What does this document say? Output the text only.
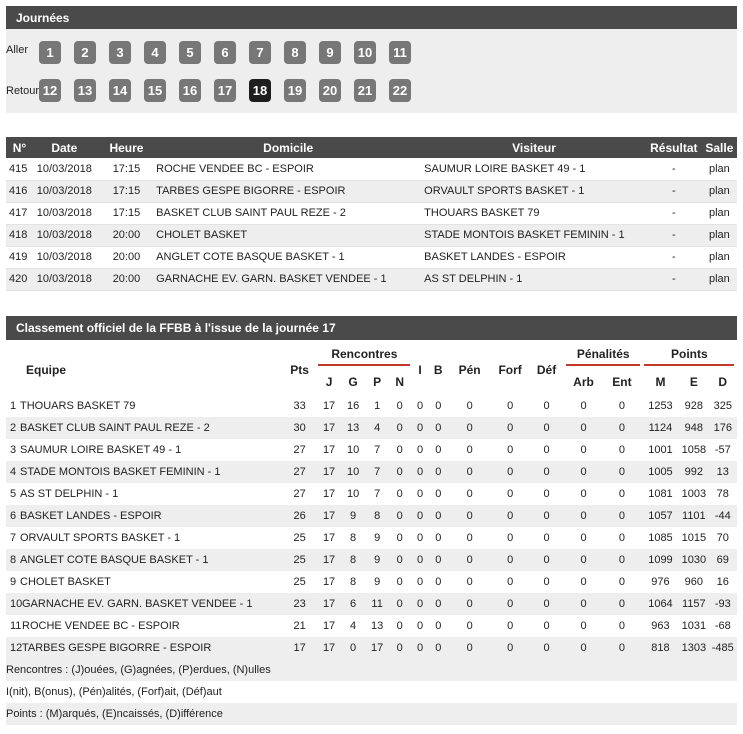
Journées
Aller
Retour
1	2	3	4	5	6	7	8	9	10	11
12 13 14 15 16 17 18 19 20 21 22
N°	Date	Heure	Domicile	Visiteur	Résultat	Salle
415	10/03/2018	17:15	ROCHE VENDEE BC - ESPOIR	SAUMUR LOIRE BASKET 49 - 1	-	plan
416	10/03/2018	17:15	TARBES GESPE BIGORRE - ESPOIR	ORVAULT SPORTS BASKET - 1	-	plan
417	10/03/2018	17:15	BASKET CLUB SAINT PAUL REZE - 2	THOUARS BASKET 79	-	plan
418	10/03/2018	20:00	CHOLET BASKET	STADE MONTOIS BASKET FEMININ - 1	-	plan
419	10/03/2018	20:00	ANGLET COTE BASQUE BASKET - 1	BASKET LANDES - ESPOIR	-	plan
420	10/03/2018	20:00	GARNACHE EV. GARN. BASKET VENDEE - 1	AS ST DELPHIN - 1	-	plan
Classement officiel de la FFBB à l'issue de la journée 17
Equipe	Pts	Rencontres				I	B	Pén	Forf	Déf	Pénalités		Points		

		J	G	P	N						Arb	Ent	M	E	D
1 THOUARS BASKET 79	33	17	16	1	0	0	0	0	0	0	0	0	1253	928	325
2 BASKET CLUB SAINT PAUL REZE - 2	30	17	13	4	0	0	0	0	0	0	0	0	1124	948	176
3 SAUMUR LOIRE BASKET 49 - 1	27	17	10	7	0	0	0	0	0	0	0	0	1001	1058	-57
4 STADE MONTOIS BASKET FEMININ - 1	27	17	10	7	0	0	0	0	0	0	0	0	1005	992	13
5 AS ST DELPHIN - 1	27	17	10	7	0	0	0	0	0	0	0	0	1081	1003	78
6 BASKET LANDES - ESPOIR	26	17	9	8	0	0	0	0	0	0	0	0	1057	1101	-44
7 ORVAULT SPORTS BASKET - 1	25	17	8	9	0	0	0	0	0	0	0	0	1085	1015	70
8 ANGLET COTE BASQUE BASKET - 1	25	17	8	9	0	0	0	0	0	0	0	0	1099	1030	69
9 CHOLET BASKET	25	17	8	9	0	0	0	0	0	0	0	0	976	960	16
10GARNACHE EV. GARN. BASKET VENDEE - 1	23	17	6	11	0	0	0	0	0	0	0	0	1064	1157	-93
11ROCHE VENDEE BC - ESPOIR	21	17	4	13	0	0	0	0	0	0	0	0	963	1031	-68
12TARBES GESPE BIGORRE - ESPOIR	17	17	0	17	0	0	0	0	0	0	0	0	818	1303	-485
Rencontres : (J)ouées, (G)agnées, (P)erdues, (N)ulles
I(nit), B(onus), (Pén)alités, (Forf)ait, (Déf)aut
Points : (M)arqués, (E)ncaissés, (D)ifférence
